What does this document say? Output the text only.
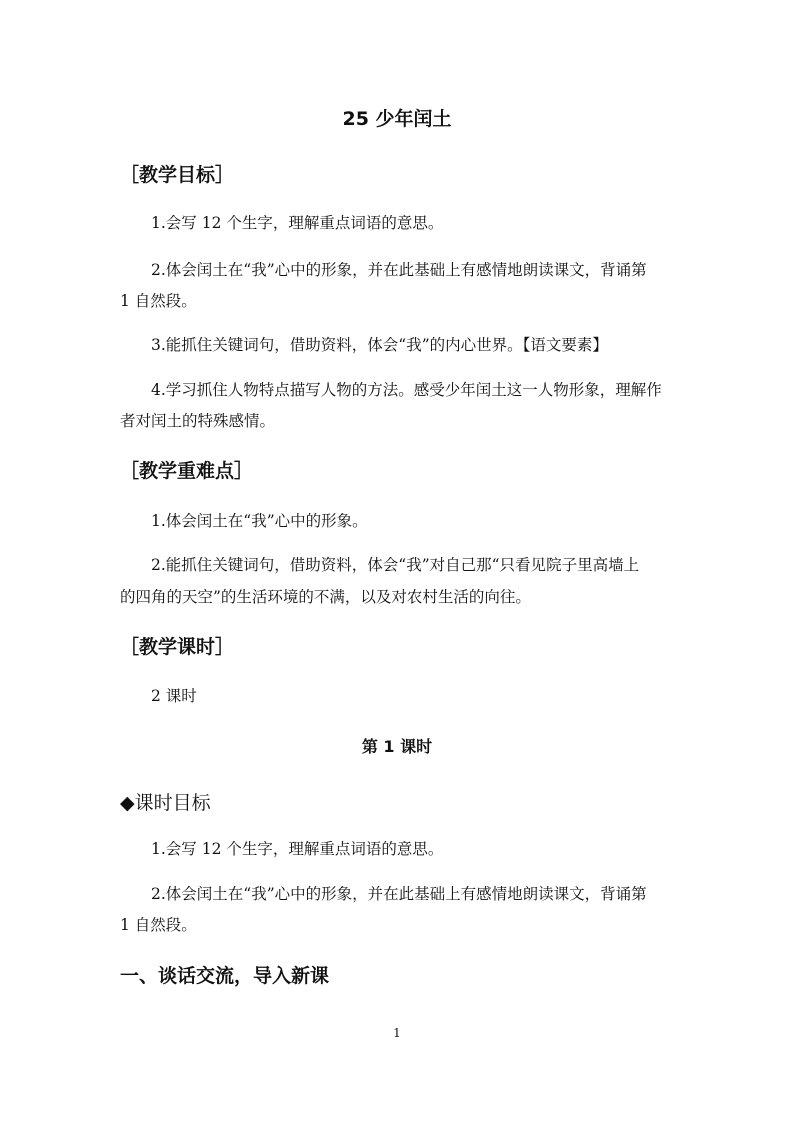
25 少年闰土
［教学目标］
1.会写 12 个生字，理解重点词语的意思。
2.体会闰土在“我”心中的形象，并在此基础上有感情地朗读课文，背诵第
1 自然段。
3.能抓住关键词句，借助资料，体会“我”的内心世界。【语文要素】
4.学习抓住人物特点描写人物的方法。感受少年闰土这一人物形象，理解作
者对闰土的特殊感情。
［教学重难点］
1.体会闰土在“我”心中的形象。
2.能抓住关键词句，借助资料，体会“我”对自己那“只看见院子里高墙上
的四角的天空”的生活环境的不满，以及对农村生活的向往。
［教学课时］
2 课时
第 1 课时
◆课时目标
1.会写 12 个生字，理解重点词语的意思。
2.体会闰土在“我”心中的形象，并在此基础上有感情地朗读课文，背诵第
1 自然段。
一、谈话交流，导入新课
1
